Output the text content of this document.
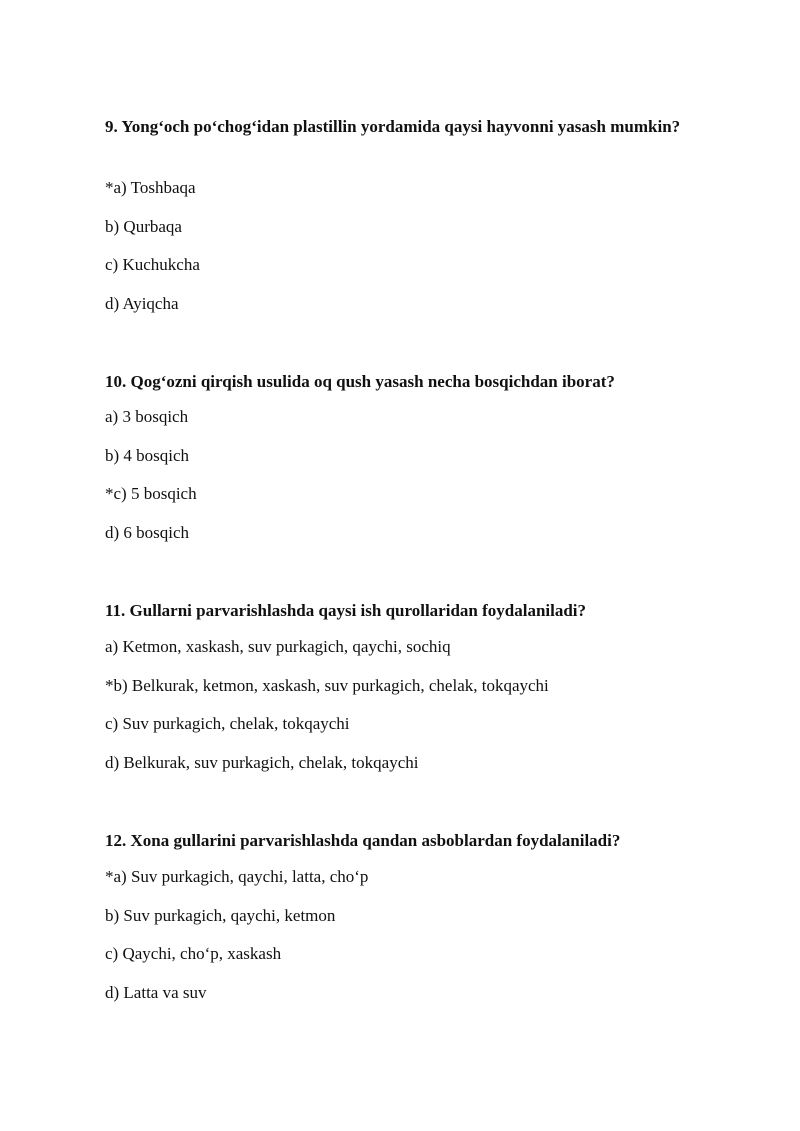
9. Yong‘och po‘chog‘idan plastillin yordamida qaysi hayvonni yasash mumkin?

*a) Toshbaqa

b) Qurbaqa

c) Kuchukcha

d) Ayiqcha

10. Qog‘ozni qirqish usulida oq qush yasash necha bosqichdan iborat?

a) 3 bosqich

b) 4 bosqich

*c) 5 bosqich

d) 6 bosqich

11. Gullarni parvarishlashda qaysi ish qurollaridan foydalaniladi?

a) Ketmon, xaskash, suv purkagich, qaychi, sochiq

*b) Belkurak, ketmon, xaskash, suv purkagich, chelak, tokqaychi

c) Suv purkagich, chelak, tokqaychi

d) Belkurak, suv purkagich, chelak, tokqaychi

12. Xona gullarini parvarishlashda qandan asboblardan foydalaniladi?

*a) Suv purkagich, qaychi, latta, cho‘p

b) Suv purkagich, qaychi, ketmon

c) Qaychi, cho‘p, xaskash

d) Latta va suv
